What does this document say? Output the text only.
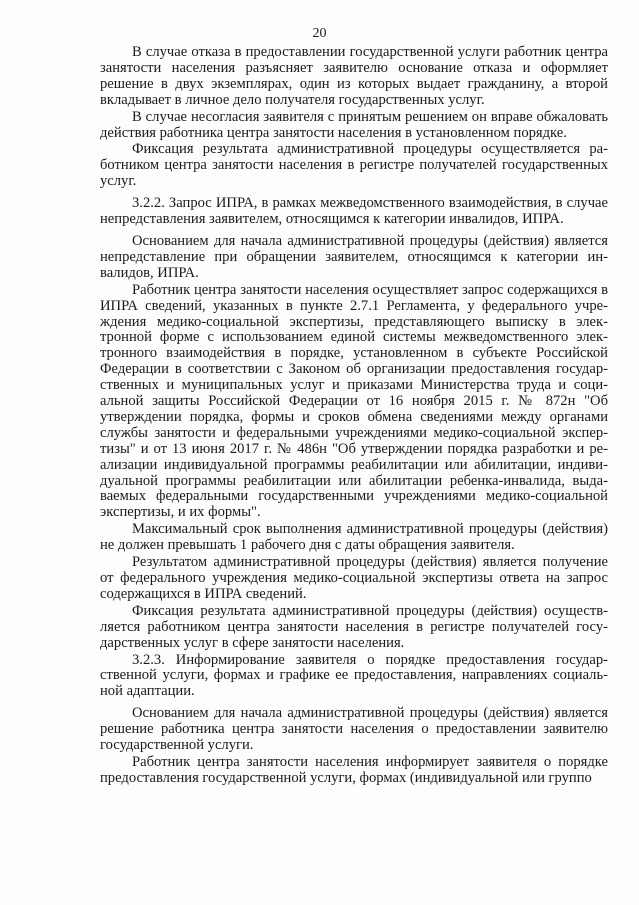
20

В случае отказа в предоставлении государственной услуги работник центра занятости населения разъясняет заявителю основание отказа и оформляет решение в двух экземплярах, один из которых выдает гражданину, а второй вкладывает в личное дело получателя государственных услуг.

В случае несогласия заявителя с принятым решением он вправе обжаловать действия работника центра занятости населения в установленном порядке.

Фиксация результата административной процедуры осуществляется работником центра занятости населения в регистре получателей государственных услуг.

3.2.2. Запрос ИПРА, в рамках межведомственного взаимодействия, в случае непредставления заявителем, относящимся к категории инвалидов, ИПРА.

Основанием для начала административной процедуры (действия) является непредставление при обращении заявителем, относящимся к категории инвалидов, ИПРА.

Работник центра занятости населения осуществляет запрос содержащихся в ИПРА сведений, указанных в пункте 2.7.1 Регламента, у федерального учреждения медико-социальной экспертизы, представляющего выписку в электронной форме с использованием единой системы межведомственного электронного взаимодействия в порядке, установленном в субъекте Российской Федерации в соответствии с Законом об организации предоставления государственных и муниципальных услуг и приказами Министерства труда и социальной защиты Российской Федерации от 16 ноября 2015 г. № 872н "Об утверждении порядка, формы и сроков обмена сведениями между органами службы занятости и федеральными учреждениями медико-социальной экспертизы" и от 13 июня 2017 г. № 486н "Об утверждении порядка разработки и реализации индивидуальной программы реабилитации или абилитации, индивидуальной программы реабилитации или абилитации ребенка-инвалида, выдаваемых федеральными государственными учреждениями медико-социальной экспертизы, и их формы".

Максимальный срок выполнения административной процедуры (действия) не должен превышать 1 рабочего дня с даты обращения заявителя.

Результатом административной процедуры (действия) является получение от федерального учреждения медико-социальной экспертизы ответа на запрос содержащихся в ИПРА сведений.

Фиксация результата административной процедуры (действия) осуществляется работником центра занятости населения в регистре получателей государственных услуг в сфере занятости населения.

3.2.3. Информирование заявителя о порядке предоставления государственной услуги, формах и графике ее предоставления, направлениях социальной адаптации.

Основанием для начала административной процедуры (действия) является решение работника центра занятости населения о предоставлении заявителю государственной услуги.

Работник центра занятости населения информирует заявителя о порядке предоставления государственной услуги, формах (индивидуальной или группо
